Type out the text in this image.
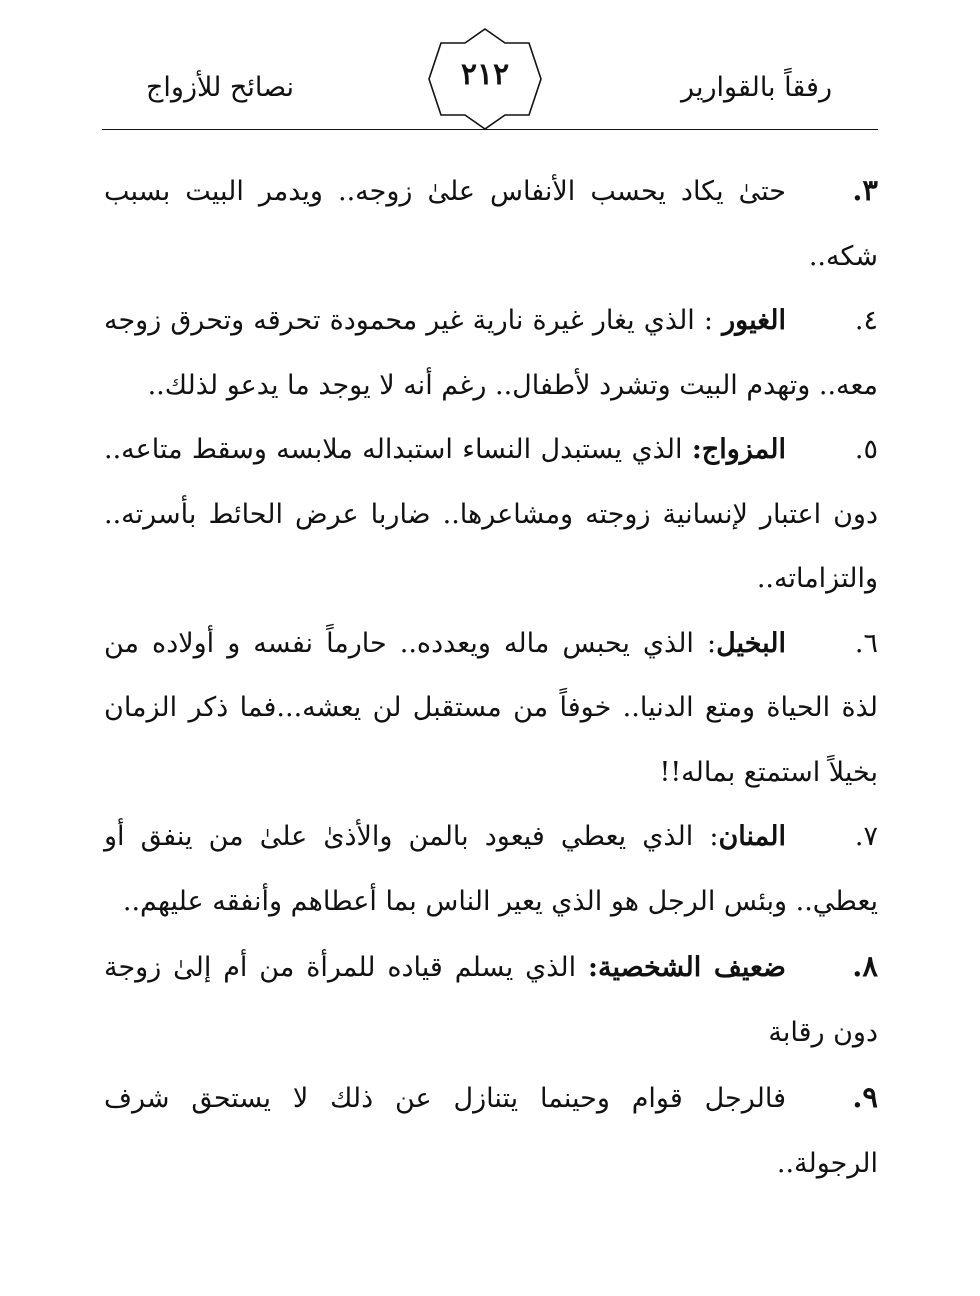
رفقاً بالقوارير
٢١٢
نصائح للأزواج

٣.حتىٰ يكاد يحسب الأنفاس علىٰ زوجه.. ويدمر البيت بسبب شكه..

٤.الغيور : الذي يغار غيرة نارية غير محمودة تحرقه وتحرق زوجه معه.. وتهدم البيت وتشرد لأطفال.. رغم أنه لا يوجد ما يدعو لذلك..

٥.المزواج: الذي يستبدل النساء استبداله ملابسه وسقط متاعه.. دون اعتبار لإنسانية زوجته ومشاعرها.. ضاربا عرض الحائط بأسرته.. والتزاماته..

٦.البخيل: الذي يحبس ماله ويعدده.. حارماً نفسه و أولاده من لذة الحياة ومتع الدنيا.. خوفاً من مستقبل لن يعشه...فما ذكر الزمان بخيلاً استمتع بماله!!

٧.المنان: الذي يعطي فيعود بالمن والأذىٰ علىٰ من ينفق أو يعطي.. وبئس الرجل هو الذي يعير الناس بما أعطاهم وأنفقه عليهم..

٨.ضعيف الشخصية: الذي يسلم قياده للمرأة من أم إلىٰ زوجة دون رقابة

٩.فالرجل قوام وحينما يتنازل عن ذلك لا يستحق شرف الرجولة..
